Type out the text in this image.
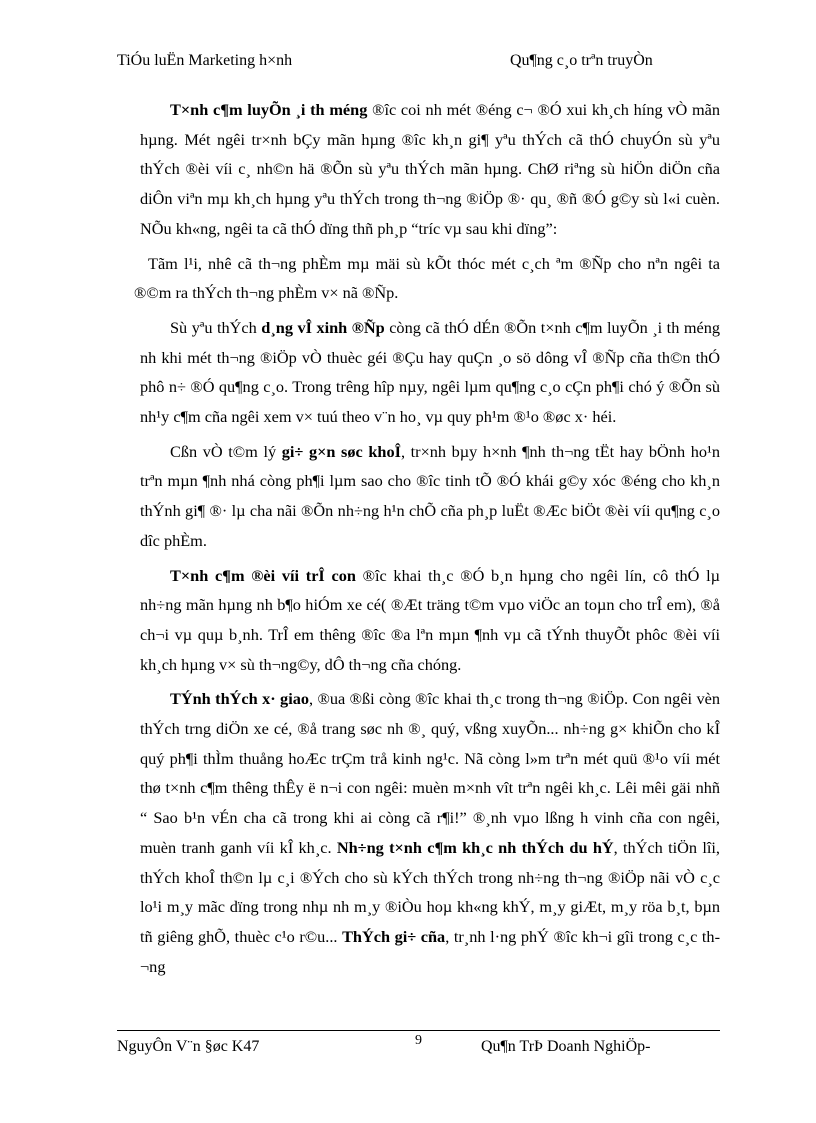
TiÓu luËn Marketing h×nh	Qu¶ng c¸o trªn truyÒn

T×nh c¶m luyÕn ¸i th méng ®îc coi nh mét ®éng c¬ ®Ó xui kh¸ch híng vÒ mãn hµng. Mét ngêi tr×nh bÇy mãn hµng ®îc kh¸n gi¶ yªu thÝch cã thÓ chuyÓn sù yªu thÝch ®èi víi c¸ nh©n hä ®Õn sù yªu thÝch mãn hµng. ChØ riªng sù hiÖn diÖn cña diÔn viªn mµ kh¸ch hµng yªu thÝch trong th¬ng ®iÖp ®· qu¸ ®ñ ®Ó g©y sù l«i cuèn. NÕu kh«ng, ngêi ta cã thÓ dïng thñ ph¸p “tríc vµ sau khi dïng”:

Tãm l¹i, nhê cã th¬ng phÈm mµ mäi sù kÕt thóc mét c¸ch ªm ®Ñp cho nªn ngêi ta ®©m ra thÝch th¬ng phÈm v× nã ®Ñp.

Sù yªu thÝch d¸ng vÎ xinh ®Ñp còng cã thÓ dÉn ®Õn t×nh c¶m luyÕn ¸i th méng nh khi mét th¬ng ®iÖp vÒ thuèc géi ®Çu hay quÇn ¸o sö dông vÎ ®Ñp cña th©n thÓ phô n÷ ®Ó qu¶ng c¸o. Trong trêng hîp nµy, ngêi lµm qu¶ng c¸o cÇn ph¶i chó ý ®Õn sù nh¹y c¶m cña ngêi xem v× tuú theo v¨n ho¸ vµ quy ph¹m ®¹o ®øc x· héi.

Cßn vÒ t©m lý gi÷ g×n søc khoÎ, tr×nh bµy h×nh ¶nh th¬ng tËt hay bÖnh ho¹n trªn mµn ¶nh nhá còng ph¶i lµm sao cho ®îc tinh tÕ ®Ó khái g©y xóc ®éng cho kh¸n thÝnh gi¶ ®· lµ cha nãi ®Õn nh÷ng h¹n chÕ cña ph¸p luËt ®Æc biÖt ®èi víi qu¶ng c¸o dîc phÈm.

T×nh c¶m ®èi víi trÎ con ®îc khai th¸c ®Ó b¸n hµng cho ngêi lín, cô thÓ lµ nh÷ng mãn hµng nh b¶o hiÓm xe cé( ®Æt träng t©m vµo viÖc an toµn cho trÎ em), ®å ch¬i vµ quµ b¸nh. TrÎ em thêng ®îc ®a lªn mµn ¶nh vµ cã tÝnh thuyÕt phôc ®èi víi kh¸ch hµng v× sù th¬ng©y, dÔ th¬ng cña chóng.

TÝnh thÝch x· giao, ®ua ®ßi còng ®îc khai th¸c trong th¬ng ®iÖp. Con ngêi vèn thÝch trng diÖn xe cé, ®å trang søc nh ®¸ quý, vßng xuyÕn... nh÷ng g× khiÕn cho kÎ quý ph¶i thÌm thuång hoÆc trÇm trå kinh ng¹c. Nã còng l»m trªn mét quü ®¹o víi mét thø t×nh c¶m thêng thÊy ë n¬i con ngêi: muèn m×nh vît trªn ngêi kh¸c. Lêi mêi gäi nhñ “ Sao b¹n vÉn cha cã trong khi ai còng cã r¶i!” ®¸nh vµo lßng h vinh cña con ngêi, muèn tranh ganh víi kÎ kh¸c. Nh÷ng t×nh c¶m kh¸c nh thÝch du hÝ, thÝch tiÖn lîi, thÝch khoÎ th©n lµ c¸i ®Ých cho sù kÝch thÝch trong nh÷ng th¬ng ®iÖp nãi vÒ c¸c lo¹i m¸y mãc dïng trong nhµ nh m¸y ®iÒu hoµ kh«ng khÝ, m¸y giÆt, m¸y röa b¸t, bµn tñ giêng ghÕ, thuèc c¹o r©u... ThÝch gi÷ cña, tr¸nh l·ng phÝ ®îc kh¬i gîi trong c¸c th¬ng

NguyÔn V¨n §øc K47	9	Qu¶n TrÞ Doanh NghiÖp-
